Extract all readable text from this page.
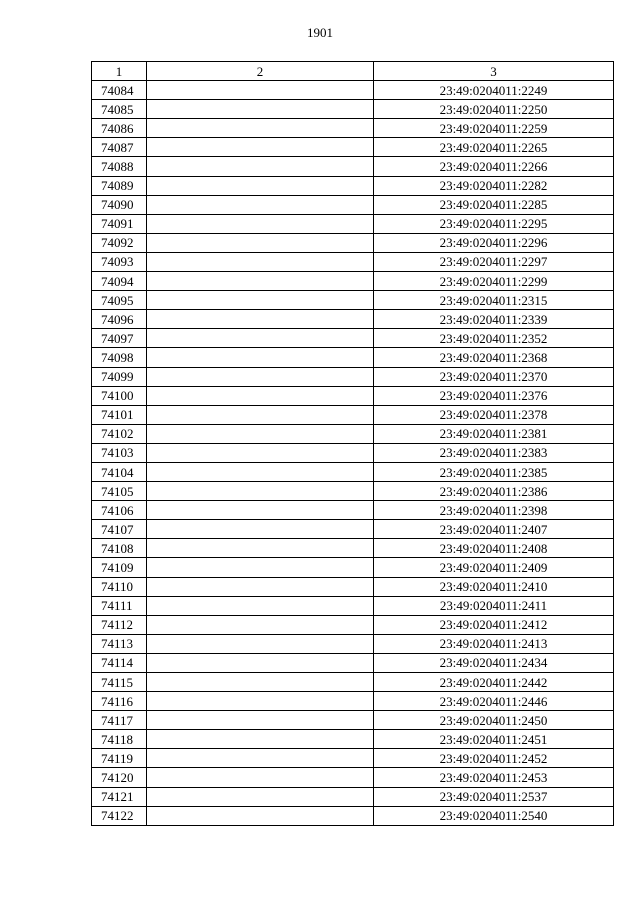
1901
1	2	3
74084		23:49:0204011:2249
74085		23:49:0204011:2250
74086		23:49:0204011:2259
74087		23:49:0204011:2265
74088		23:49:0204011:2266
74089		23:49:0204011:2282
74090		23:49:0204011:2285
74091		23:49:0204011:2295
74092		23:49:0204011:2296
74093		23:49:0204011:2297
74094		23:49:0204011:2299
74095		23:49:0204011:2315
74096		23:49:0204011:2339
74097		23:49:0204011:2352
74098		23:49:0204011:2368
74099		23:49:0204011:2370
74100		23:49:0204011:2376
74101		23:49:0204011:2378
74102		23:49:0204011:2381
74103		23:49:0204011:2383
74104		23:49:0204011:2385
74105		23:49:0204011:2386
74106		23:49:0204011:2398
74107		23:49:0204011:2407
74108		23:49:0204011:2408
74109		23:49:0204011:2409
74110		23:49:0204011:2410
74111		23:49:0204011:2411
74112		23:49:0204011:2412
74113		23:49:0204011:2413
74114		23:49:0204011:2434
74115		23:49:0204011:2442
74116		23:49:0204011:2446
74117		23:49:0204011:2450
74118		23:49:0204011:2451
74119		23:49:0204011:2452
74120		23:49:0204011:2453
74121		23:49:0204011:2537
74122		23:49:0204011:2540
